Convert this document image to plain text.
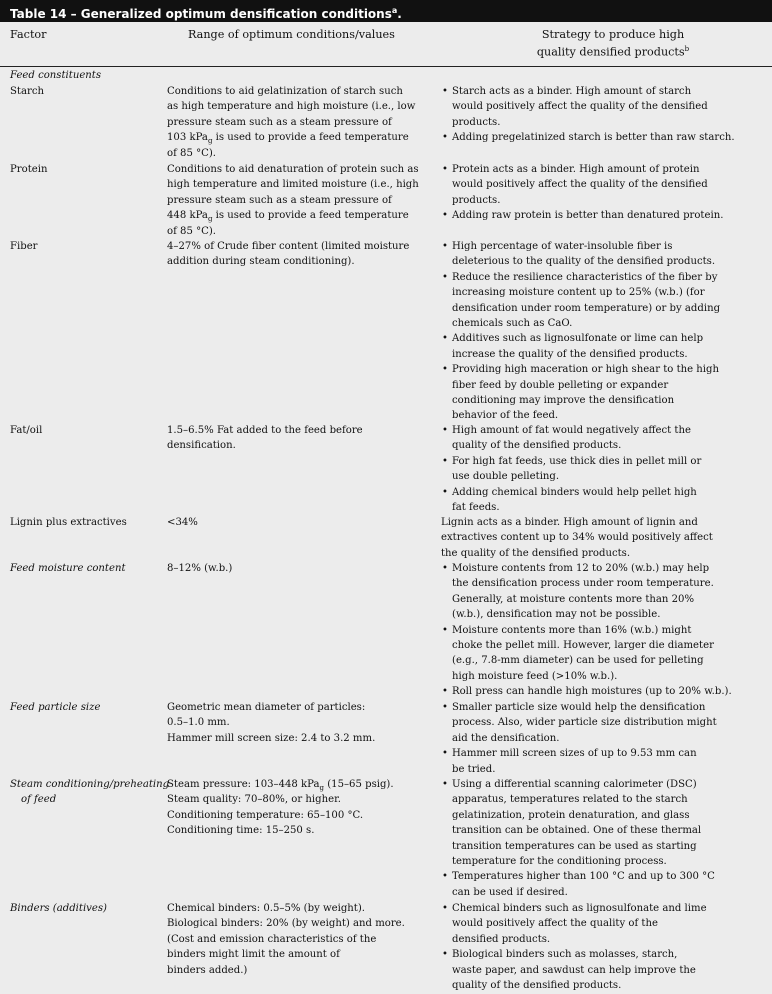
Table 14 – Generalized optimum densification conditions$^a$.
Factor	Range of optimum conditions/values	Strategy to produce high
quality densified products$^b$
Feed constituents
Starch	Conditions to aid gelatinization of starch such
as high temperature and high moisture (i.e., low
pressure steam such as a steam pressure of
103 kPa$_g$ is used to provide a feed temperature
of 85 °C).
• Starch acts as a binder. High amount of starch
would positively affect the quality of the densified
products.
• Adding pregelatinized starch is better than raw starch.
Protein	Conditions to aid denaturation of protein such as
high temperature and limited moisture (i.e., high
pressure steam such as a steam pressure of
448 kPa$_g$ is used to provide a feed temperature
of 85 °C).
• Protein acts as a binder. High amount of protein
would positively affect the quality of the densified
products.
• Adding raw protein is better than denatured protein.
Fiber	4–27% of Crude fiber content (limited moisture
addition during steam conditioning).
• High percentage of water-insoluble fiber is
deleterious to the quality of the densified products.
• Reduce the resilience characteristics of the fiber by
increasing moisture content up to 25% (w.b.) (for
densification under room temperature) or by adding
chemicals such as CaO.
• Additives such as lignosulfonate or lime can help
increase the quality of the densified products.
• Providing high maceration or high shear to the high
fiber feed by double pelleting or expander
conditioning may improve the densification
behavior of the feed.
Fat/oil	1.5–6.5% Fat added to the feed before
densification.
• High amount of fat would negatively affect the
quality of the densified products.
• For high fat feeds, use thick dies in pellet mill or
use double pelleting.
• Adding chemical binders would help pellet high
fat feeds.
Lignin plus extractives	<34%	Lignin acts as a binder. High amount of lignin and
extractives content up to 34% would positively affect
the quality of the densified products.
Feed moisture content	8–12% (w.b.)
•	Moisture contents from 12 to 20% (w.b.) may help
the densification process under room temperature.
Generally, at moisture contents more than 20%
(w.b.), densification may not be possible.
• Moisture contents more than 16% (w.b.) might
choke the pellet mill. However, larger die diameter
(e.g., 7.8-mm diameter) can be used for pelleting
high moisture feed (>10% w.b.).
• Roll press can handle high moistures (up to 20% w.b.).
Feed particle size	Geometric mean diameter of particles:
0.5–1.0 mm.
Hammer mill screen size: 2.4 to 3.2 mm.
• Smaller particle size would help the densification
process. Also, wider particle size distribution might
aid the densification.
• Hammer mill screen sizes of up to 9.53 mm can
be tried.
Steam conditioning/preheating of feed
Steam pressure: 103–448 kPa$_g$ (15–65 psig).
Steam quality: 70–80%, or higher.
Conditioning temperature: 65–100 °C.
Conditioning time: 15–250 s.
• Using a differential scanning calorimeter (DSC)
apparatus, temperatures related to the starch
gelatinization, protein denaturation, and glass
transition can be obtained. One of these thermal
transition temperatures can be used as starting
temperature for the conditioning process.
• Temperatures higher than 100 °C and up to 300 °C
can be used if desired.
Binders (additives)	Chemical binders: 0.5–5% (by weight).
Biological binders: 20% (by weight) and more.
(Cost and emission characteristics of the
binders might limit the amount of
binders added.)
• Chemical binders such as lignosulfonate and lime
would positively affect the quality of the
densified products.
• Biological binders such as molasses, starch,
waste paper, and sawdust can help improve the
quality of the densified products.
